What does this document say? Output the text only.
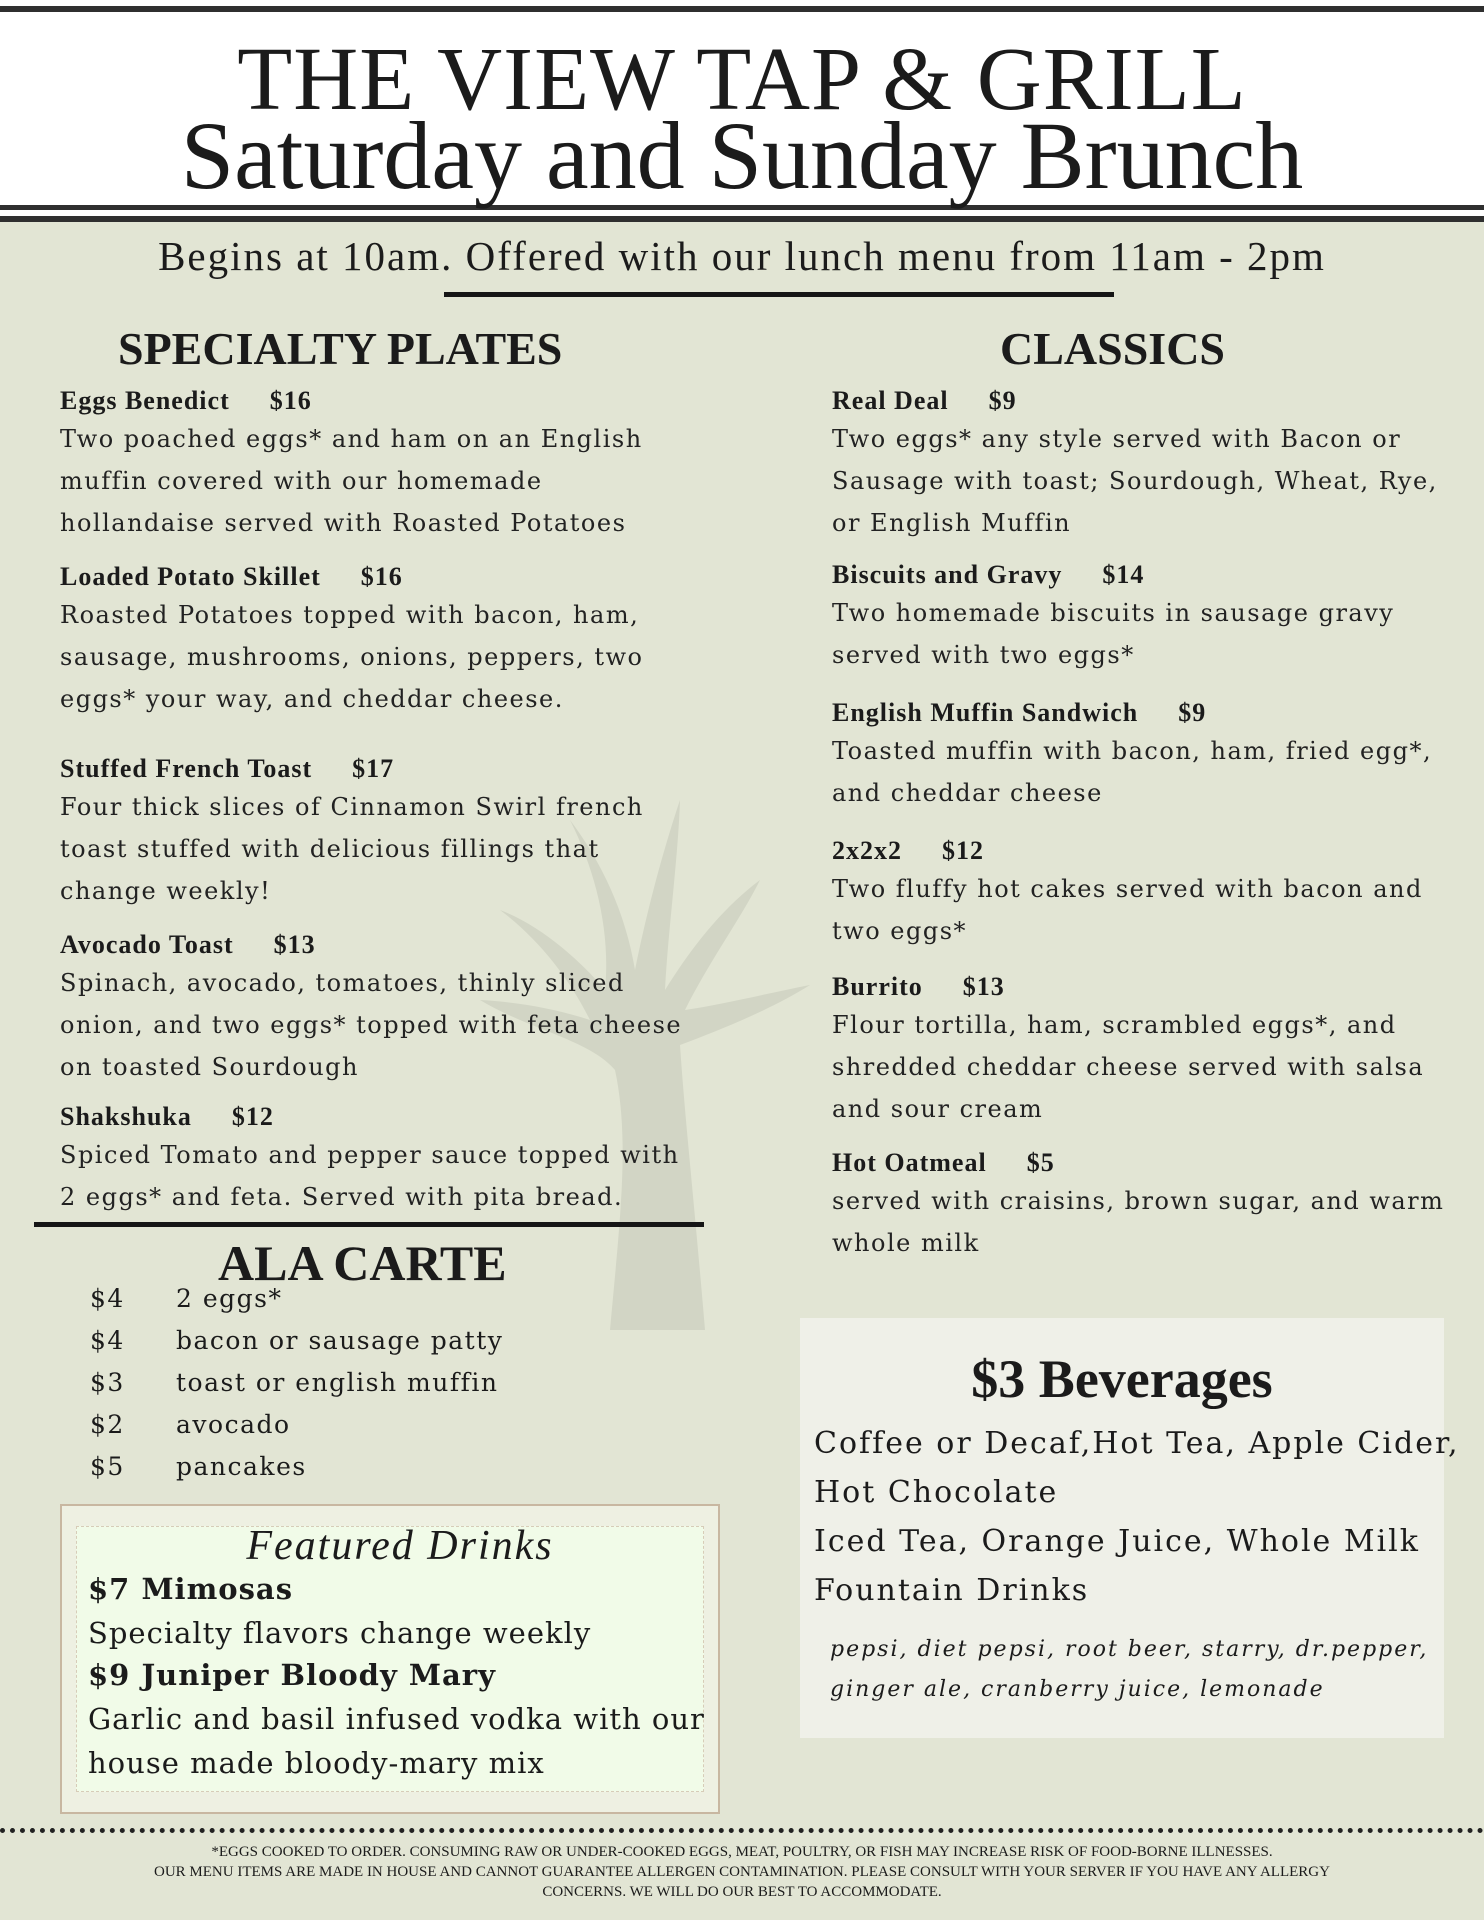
THE VIEW TAP & GRILL
Saturday and Sunday Brunch
Begins at 10am. Offered with our lunch menu from 11am - 2pm
SPECIALTY PLATES
Eggs Benedict $16
Two poached eggs* and ham on an English
muffin covered with our homemade
hollandaise served with Roasted Potatoes
Loaded Potato Skillet $16
Roasted Potatoes topped with bacon, ham,
sausage, mushrooms, onions, peppers, two
eggs* your way, and cheddar cheese.
Stuffed French Toast $17
Four thick slices of Cinnamon Swirl french
toast stuffed with delicious fillings that
change weekly!
Avocado Toast $13
Spinach, avocado, tomatoes, thinly sliced
onion, and two eggs* topped with feta cheese
on toasted Sourdough
Shakshuka $12
Spiced Tomato and pepper sauce topped with
2 eggs* and feta. Served with pita bread.
CLASSICS
Real Deal $9
Two eggs* any style served with Bacon or
Sausage with toast; Sourdough, Wheat, Rye,
or English Muffin
Biscuits and Gravy $14
Two homemade biscuits in sausage gravy
served with two eggs*
English Muffin Sandwich $9
Toasted muffin with bacon, ham, fried egg*,
and cheddar cheese
2x2x2 $12
Two fluffy hot cakes served with bacon and
two eggs*
Burrito $13
Flour tortilla, ham, scrambled eggs*, and
shredded cheddar cheese served with salsa
and sour cream
Hot Oatmeal $5
served with craisins, brown sugar, and warm
whole milk
ALA CARTE
$4	2 eggs*
$4	bacon or sausage patty
$3	toast or english muffin
$2	avocado
$5	pancakes
Featured Drinks
$7 Mimosas
Specialty flavors change weekly
$9 Juniper Bloody Mary
Garlic and basil infused vodka with our
house made bloody-mary mix
$3 Beverages
Coffee or Decaf,Hot Tea, Apple Cider,
Hot Chocolate
Iced Tea, Orange Juice, Whole Milk
Fountain Drinks
pepsi, diet pepsi, root beer, starry, dr.pepper,
ginger ale, cranberry juice, lemonade
*EGGS COOKED TO ORDER. CONSUMING RAW OR UNDER-COOKED EGGS, MEAT, POULTRY, OR FISH MAY INCREASE RISK OF FOOD-BORNE ILLNESSES.
OUR MENU ITEMS ARE MADE IN HOUSE AND CANNOT GUARANTEE ALLERGEN CONTAMINATION. PLEASE CONSULT WITH YOUR SERVER IF YOU HAVE ANY ALLERGY
CONCERNS. WE WILL DO OUR BEST TO ACCOMMODATE.
